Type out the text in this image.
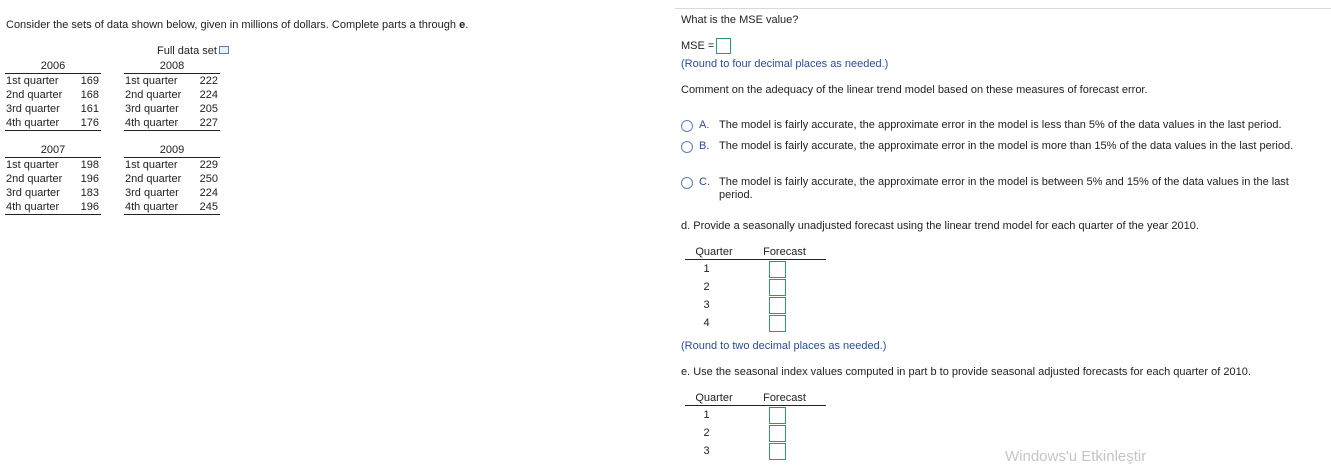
Consider the sets of data shown below, given in millions of dollars. Complete parts a through e.
Full data set
2006
1st quarter	169
2nd quarter	168
3rd quarter	161
4th quarter	176
2008
1st quarter	222
2nd quarter	224
3rd quarter	205
4th quarter	227
2007
1st quarter	198
2nd quarter	196
3rd quarter	183
4th quarter	196
2009
1st quarter	229
2nd quarter	250
3rd quarter	224
4th quarter	245
What is the MSE value?
MSE =
(Round to four decimal places as needed.)
Comment on the adequacy of the linear trend model based on these measures of forecast error.
A. The model is fairly accurate, the approximate error in the model is less than 5% of the data values in the last period.
B. The model is fairly accurate, the approximate error in the model is more than 15% of the data values in the last period.
C. The model is fairly accurate, the approximate error in the model is between 5% and 15% of the data values in the last period.
d. Provide a seasonally unadjusted forecast using the linear trend model for each quarter of the year 2010.
Quarter	Forecast
1
2
3
4
(Round to two decimal places as needed.)
e. Use the seasonal index values computed in part b to provide seasonal adjusted forecasts for each quarter of 2010.
Quarter	Forecast
1
2
3	Windows'u Etkinleştir
